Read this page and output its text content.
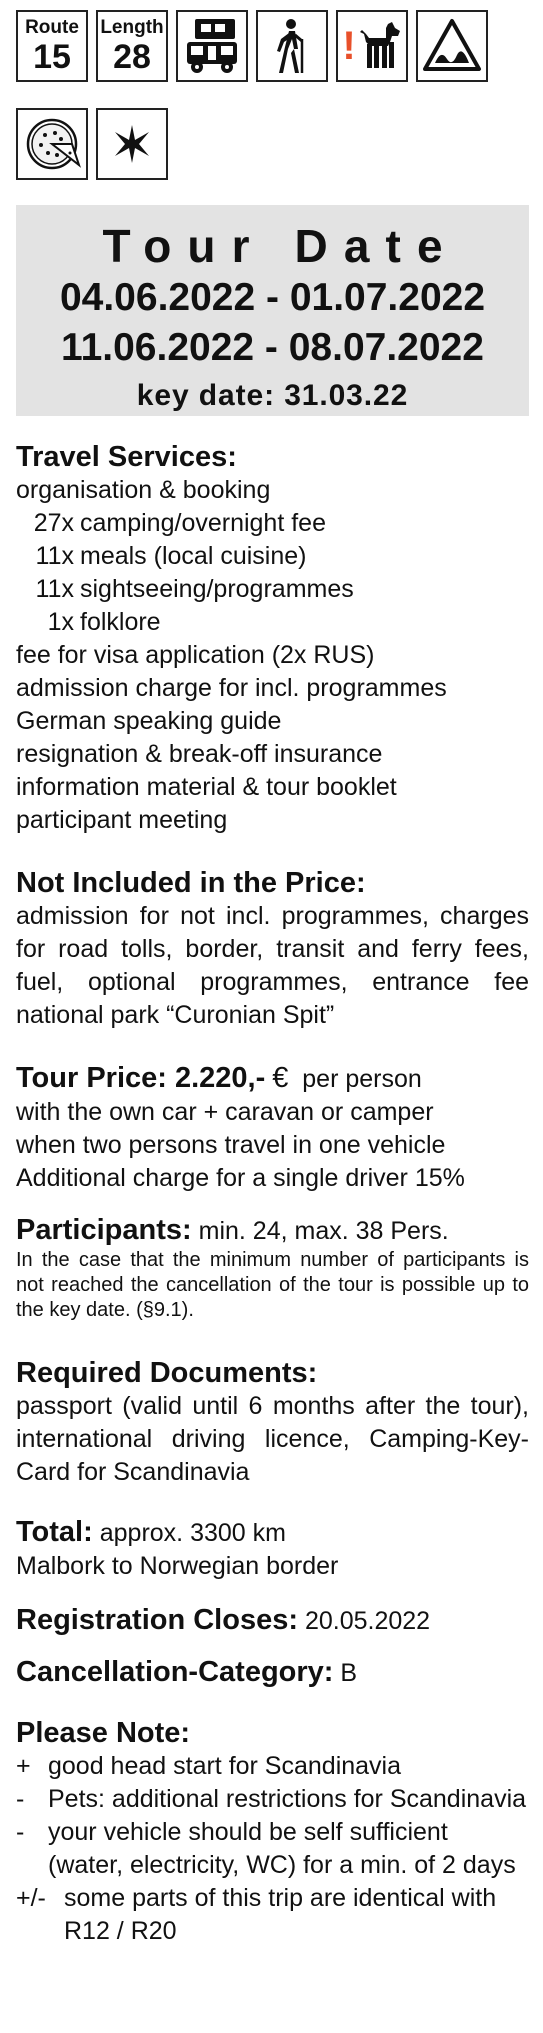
Route
15
Length
28	!
Tour Date
04.06.2022 - 01.07.2022
11.06.2022 - 08.07.2022
key date: 31.03.22
Travel Services:
organisation & booking
27x camping/overnight fee
11x meals (local cuisine)
11x sightseeing/programmes
1x folklore
fee for visa application (2x RUS)
admission charge for incl. programmes
German speaking guide
resignation & break-off insurance
information material & tour booklet
participant meeting
Not Included in the Price:
admission for not incl. programmes, charges for road tolls, border, transit and ferry fees, fuel, optional programmes, entrance fee national park “Curonian Spit”
Tour Price: 2.220,- € per person
with the own car + caravan or camper
when two persons travel in one vehicle
Additional charge for a single driver 15%
Participants: min. 24, max. 38 Pers.
In the case that the minimum number of participants is not reached the cancellation of the tour is possible up to the key date. (§9.1).
Required Documents:
passport (valid until 6 months after the tour), international driving licence, Camping-Key-Card for Scandinavia
Total: approx. 3300 km
Malbork to Norwegian border
Registration Closes: 20.05.2022
Cancellation-Category: B
Please Note:
+ good head start for Scandinavia
- Pets: additional restrictions for Scandinavia
- your vehicle should be self sufficient (water, electricity, WC) for a min. of 2 days
+/- some parts of this trip are identical with R12 / R20
